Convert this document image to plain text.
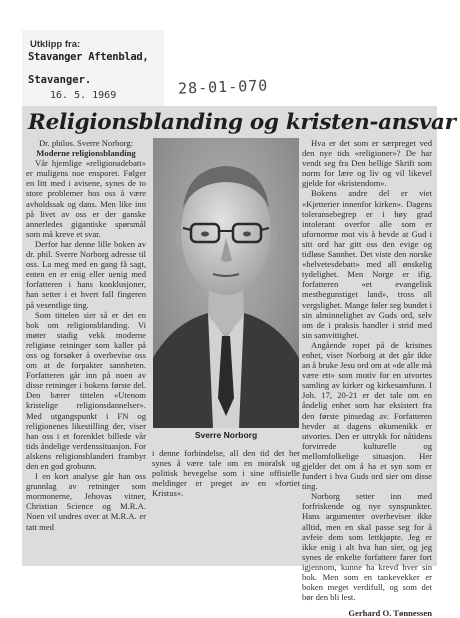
Utklipp fra:
Stavanger Aftenblad,
Stavanger.
16. 5. 1969	28-01-070
Religionsblanding og kristen-ansvar

Dr. philos. Sverre Norborg:

Moderne religionsblanding

Vår hjemlige «religionadebatt» er muligens noe ensporet. Følger en litt med i avisene, synes de to store problemer hos oss å være avholdssak og dans. Men like inn på livet av oss er der ganske annerledes gigantiske spørsmål som må kreve et svar.

Derfor har denne lille boken av dr. phil. Sverre Norborg adresse til oss. La meg med en gang få sagt, enten en er enig eller uenig med forfatteren i hans konklusjoner, han setter i et hvert fall fingeren på vesentlige ting.

Som tittelen sier så er det en bok om religionsblanding. Vi møter stadig vekk moderne religiøse retninger som kaller på oss og forsøker å overbevise oss om at de forpakter sannheten. Forfatteren går inn på noen av disse retninger i bokens første del. Den bærer tittelen «Utenom kristelige religionsdannelser». Med utgangspunkt i FN og religionenes likestilling der, viser han oss i et forenklet billede vår tids åndelige verdenssituasjon. For alskens religionsblanderi frambyr den en god grobunn.

I en kort analyse går han oss grunnlag av retninger som mormonerne, Jehovas vitner, Christian Science og M.R.A. Noen vil undres over at M.R.A. er tatt med

Sverre Norborg

i denne forbindelse, all den tid det her synes å være tale om en moralsk og politisk bevegelse som i sine offisielle meldinger er preget av en «fortiet Kristus».

Hva er det som er særpreget ved den nye tids «religioner»? De har vendt seg fra Den hellige Skrift som norm for lære og liv og vil likevel gjelde for «kristendom».

Bokens andre del er viet «Kjetterier innenfor kirken». Dagens toleransebegrep er i høy grad intolerant overfor alle som er ufornorme mot vis å hevde at Gud i sitt ord har gitt oss den evige og tidløse Sannhet. Det viste den norske «helvetesdebatt» med all ønskelig tydelighet. Men Norge er ifig. forfatteren «et evangelisk mestbegunstiget land», tross all vergslighet. Mange føler seg bundet i sin alminnelighet av Guds ord, selv om de i praksis handler i strid med sin samvittighet.

Angående ropet på de kristnes enhet, viser Norborg at det går ikke an å bruke Jesu ord om at «de alle må være ett» som motiv for en utvortes samling av kirker og kirkesamfunn. I Joh. 17, 20-21 er det tale om en åndelig enhet som har eksistert fra den første pinsedag av. Forfatteren hevder at dagens økumenikk er utvortes. Den er uttrykk for nåtidens forvirrede kulturelle og mellomfolkelige situasjon. Her gjelder det om å ha et syn som er fundert i hva Guds ord sier om disse ting.

Norborg setter inn med forfriskende og nye synspunkter. Hans argumenter overbeviser ikke alltid, men en skal passe seg for å avfeie dem som lettkjøpte. Jeg er ikke enig i alt hva han sier, og jeg synes de enkelte forfattere farer fort igjennom, kunne ha krevd hver sin bok. Men som en tankevekker er boken meget verdifull, og som det bør den bli lest.

Gerhard O. Tønnessen
